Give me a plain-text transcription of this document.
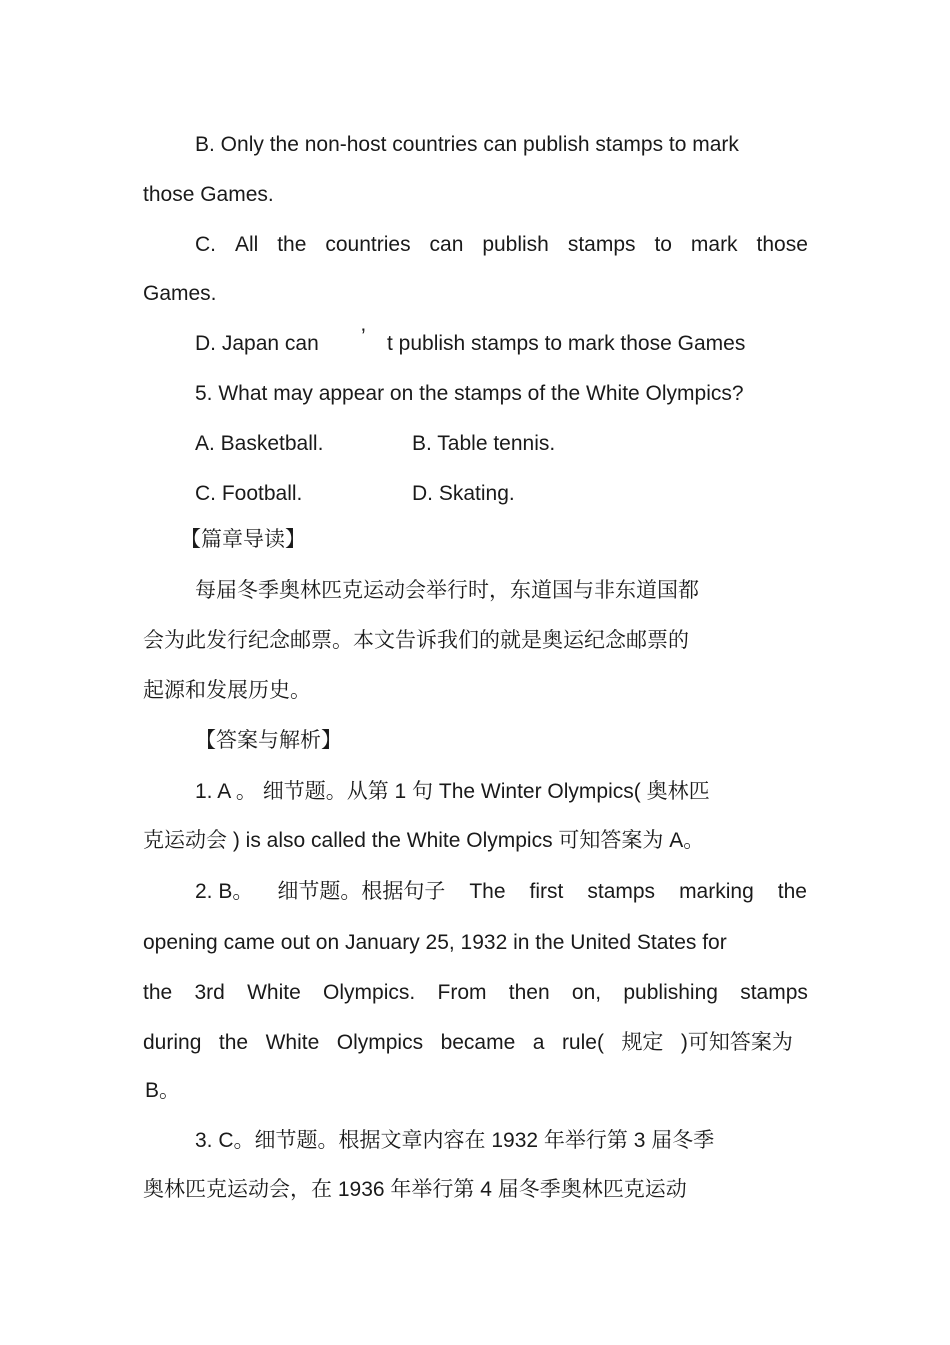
B. Only the non-host countries can publish stamps to mark
those Games.
C. All the countries can publish stamps to mark those
Games.
D. Japan can ’ t publish stamps to mark those Games
5. What may appear on the stamps of the White Olympics?
A. Basketball.	B. Table tennis.
C. Football.	D. Skating.
【篇章导读】
每届冬季奥林匹克运动会举行时，东道国与非东道国都
会为此发行纪念邮票。本文告诉我们的就是奥运纪念邮票的
起源和发展历史。
【答案与解析】
1. A 。 细节题。从第 1 句 The Winter Olympics( 奥林匹
克运动会 ) is also called the White Olympics 可知答案为 A。
2. B。 细节题。根据句子 The first stamps marking the
opening came out on January 25, 1932 in the United States for
the 3rd White Olympics. From then on, publishing stamps
during the White Olympics became a rule( 规定 )可知答案为
B。
3. C。细节题。根据文章内容在 1932 年举行第 3 届冬季
奥林匹克运动会，在 1936 年举行第 4 届冬季奥林匹克运动
